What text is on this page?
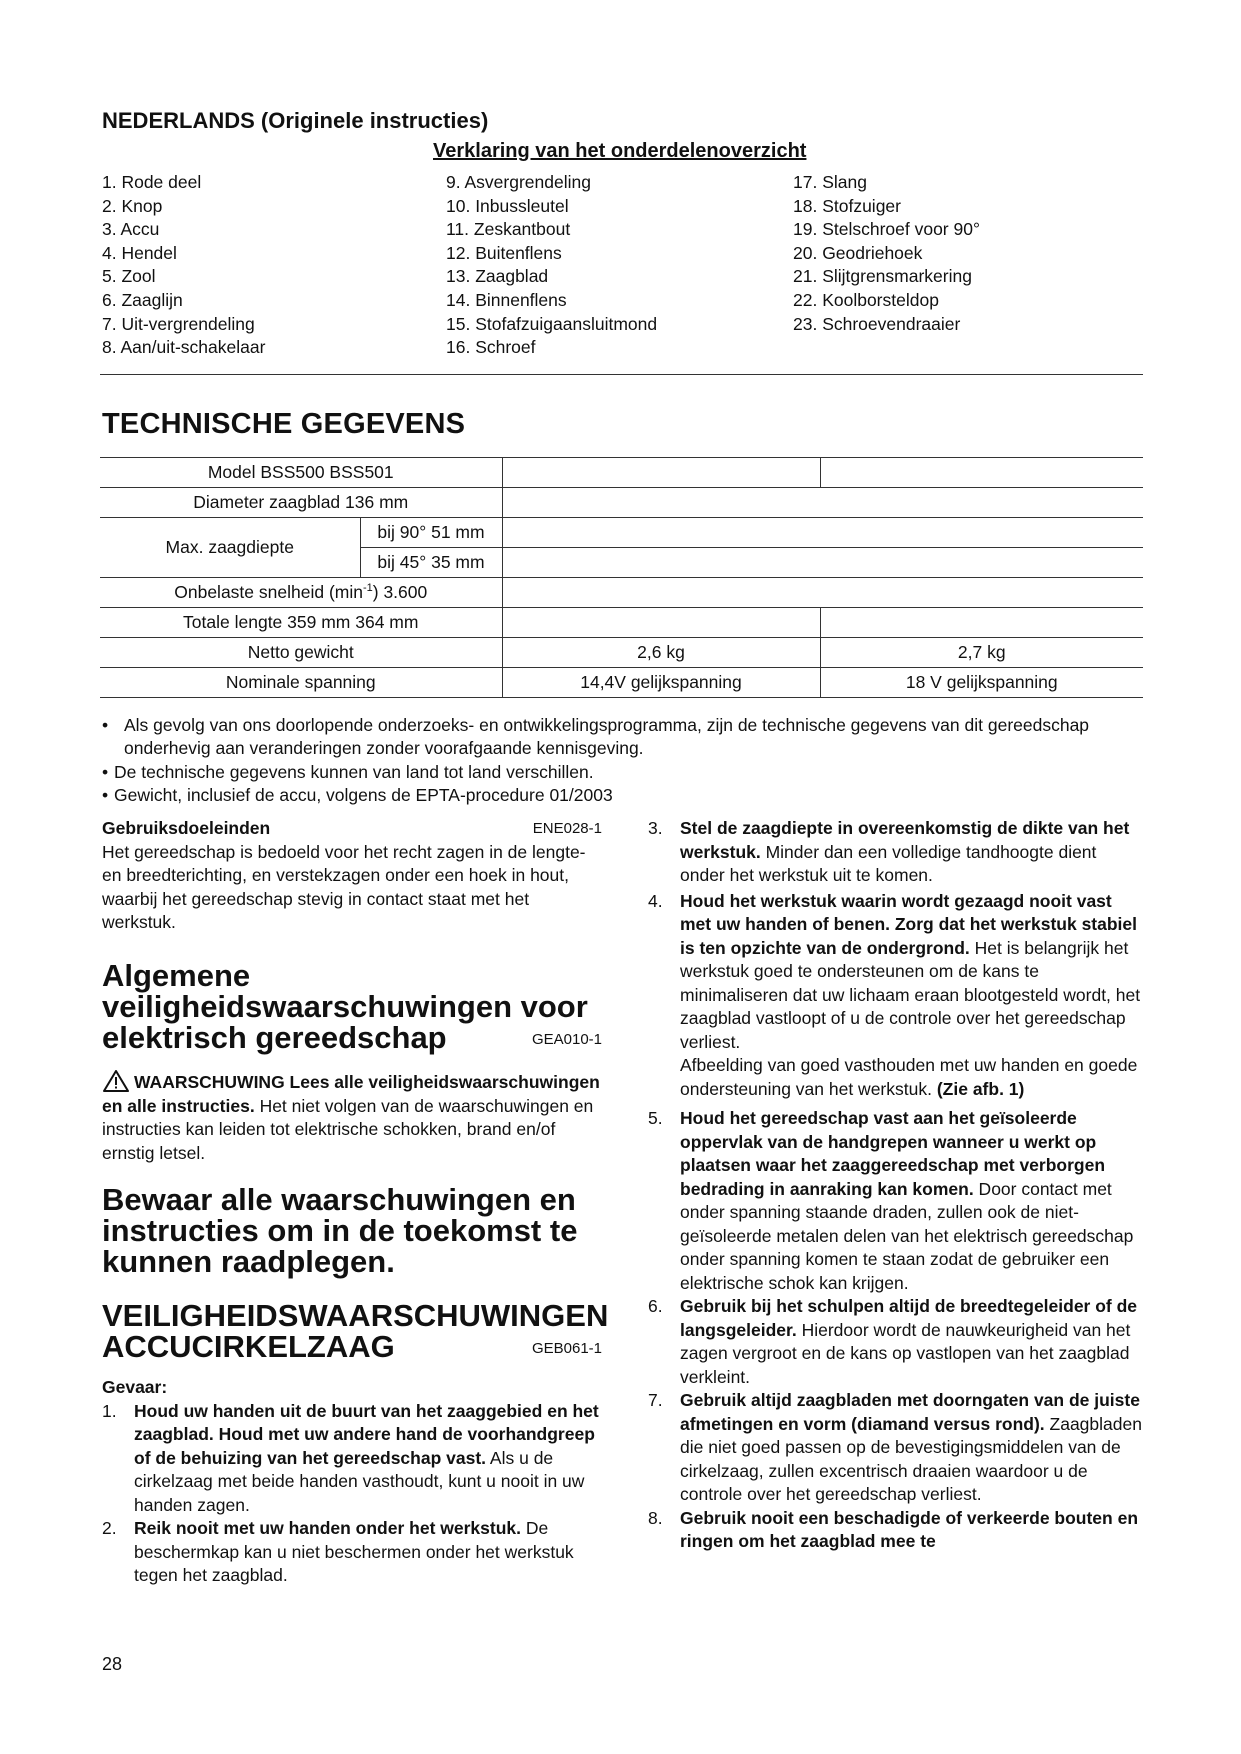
NEDERLANDS (Originele instructies)
Verklaring van het onderdelenoverzicht
1. Rode deel
2. Knop
3. Accu
4. Hendel
5. Zool
6. Zaaglijn
7. Uit-vergrendeling
8. Aan/uit-schakelaar
9. Asvergrendeling
10. Inbussleutel
11. Zeskantbout
12. Buitenflens
13. Zaagblad
14. Binnenflens
15. Stofafzuigaansluitmond
16. Schroef
17. Slang
18. Stofzuiger
19. Stelschroef voor 90°
20. Geodriehoek
21. Slijtgrensmarkering
22. Koolborsteldop
23. Schroevendraaier
TECHNISCHE GEGEVENS
Model BSS500 BSS501			
Diameter zaagblad 136 mm			
Max. zaagdiepte	bij 90° 51 mm		
	bij 45° 35 mm		
Onbelaste snelheid $(\min^{-1})$ 3.600			
Totale lengte 359 mm 364 mm			
Netto gewicht		2,6 kg	2,7 kg
Nominale spanning		14,4V gelijkspanning	18 V gelijkspanning
• Als gevolg van ons doorlopende onderzoeks- en ontwikkelingsprogramma, zijn de technische gegevens van dit gereedschap onderhevig aan veranderingen zonder voorafgaande kennisgeving.
• De technische gegevens kunnen van land tot land verschillen.
• Gewicht, inclusief de accu, volgens de EPTA-procedure 01/2003
Gebruiksdoeleinden	ENE028-1
Het gereedschap is bedoeld voor het recht zagen in de lengte- en breedterichting, en verstekzagen onder een hoek in hout, waarbij het gereedschap stevig in contact staat met het werkstuk.
Algemene veiligheidswaarschuwingen voor elektrisch gereedschap	GEA010-1
WAARSCHUWING Lees alle veiligheidswaarschuwingen en alle instructies. Het niet volgen van de waarschuwingen en instructies kan leiden tot elektrische schokken, brand en/of ernstig letsel.
Bewaar alle waarschuwingen en instructies om in de toekomst te kunnen raadplegen.
VEILIGHEIDSWAARSCHUWINGEN ACCUCIRKELZAAG	GEB061-1
Gevaar:
1. Houd uw handen uit de buurt van het zaaggebied en het zaagblad. Houd met uw andere hand de voorhandgreep of de behuizing van het gereedschap vast. Als u de cirkelzaag met beide handen vasthoudt, kunt u nooit in uw handen zagen.
2. Reik nooit met uw handen onder het werkstuk. De beschermkap kan u niet beschermen onder het werkstuk tegen het zaagblad.
3. Stel de zaagdiepte in overeenkomstig de dikte van het werkstuk. Minder dan een volledige tandhoogte dient onder het werkstuk uit te komen.
4. Houd het werkstuk waarin wordt gezaagd nooit vast met uw handen of benen. Zorg dat het werkstuk stabiel is ten opzichte van de ondergrond. Het is belangrijk het werkstuk goed te ondersteunen om de kans te minimaliseren dat uw lichaam eraan blootgesteld wordt, het zaagblad vastloopt of u de controle over het gereedschap verliest.
Afbeelding van goed vasthouden met uw handen en goede ondersteuning van het werkstuk. (Zie afb. 1)
5. Houd het gereedschap vast aan het geïsoleerde oppervlak van de handgrepen wanneer u werkt op plaatsen waar het zaaggereedschap met verborgen bedrading in aanraking kan komen. Door contact met onder spanning staande draden, zullen ook de niet-geïsoleerde metalen delen van het elektrisch gereedschap onder spanning komen te staan zodat de gebruiker een elektrische schok kan krijgen.
6. Gebruik bij het schulpen altijd de breedtegeleider of de langsgeleider. Hierdoor wordt de nauwkeurigheid van het zagen vergroot en de kans op vastlopen van het zaagblad verkleint.
7. Gebruik altijd zaagbladen met doorngaten van de juiste afmetingen en vorm (diamand versus rond). Zaagbladen die niet goed passen op de bevestigingsmiddelen van de cirkelzaag, zullen excentrisch draaien waardoor u de controle over het gereedschap verliest.
8. Gebruik nooit een beschadigde of verkeerde bouten en ringen om het zaagblad mee te
28
